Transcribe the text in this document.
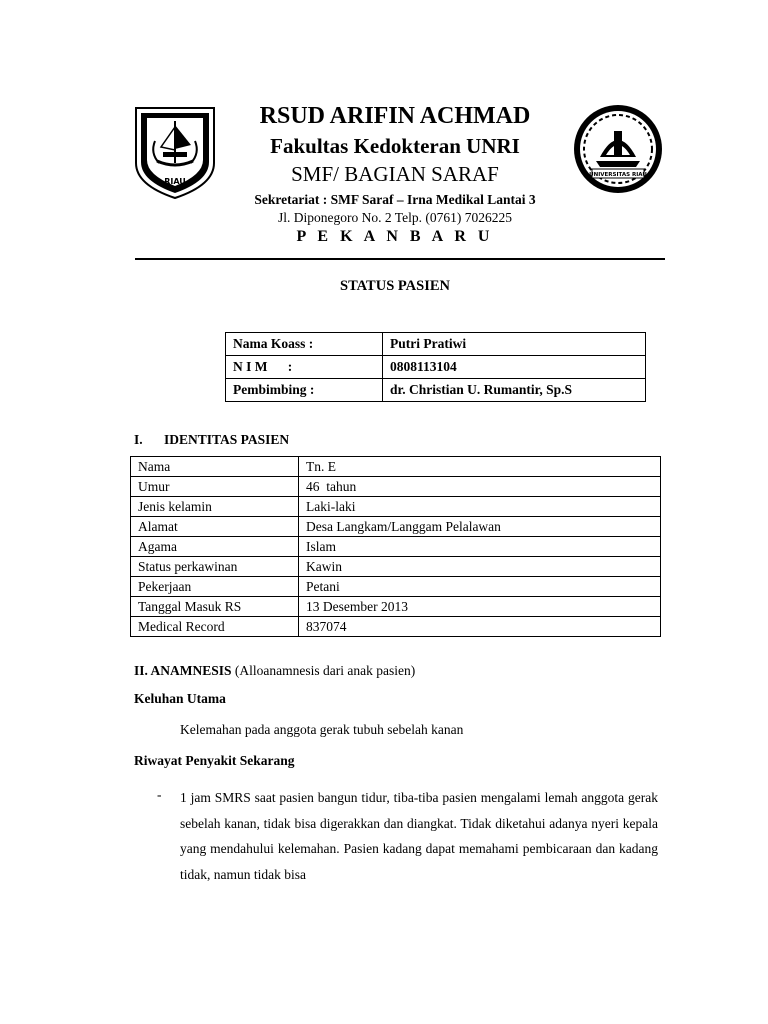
RIAU
UNIVERSITAS RIAU
RSUD ARIFIN ACHMAD
Fakultas Kedokteran UNRI
SMF/ BAGIAN SARAF
Sekretariat : SMF Saraf – Irna Medikal Lantai 3
Jl. Diponegoro No. 2 Telp. (0761) 7026225
P E K A N B A R U
STATUS PASIEN
Nama Koass :	Putri Pratiwi
N I M      :	0808113104
Pembimbing :	dr. Christian U. Rumantir, Sp.S
I. IDENTITAS PASIEN
Nama	Tn. E
Umur	46  tahun
Jenis kelamin	Laki-laki
Alamat	Desa Langkam/Langgam Pelalawan
Agama	Islam
Status perkawinan	Kawin
Pekerjaan	Petani
Tanggal Masuk RS	13 Desember 2013
Medical Record	837074
II. ANAMNESIS (Alloanamnesis dari anak pasien)
Keluhan Utama
Kelemahan pada anggota gerak tubuh sebelah kanan
Riwayat Penyakit Sekarang
- 1 jam SMRS saat pasien bangun tidur, tiba-tiba pasien mengalami lemah anggota gerak sebelah kanan, tidak bisa digerakkan dan diangkat. Tidak diketahui adanya nyeri kepala yang mendahului kelemahan. Pasien kadang dapat memahami pembicaraan dan kadang tidak, namun tidak bisa
